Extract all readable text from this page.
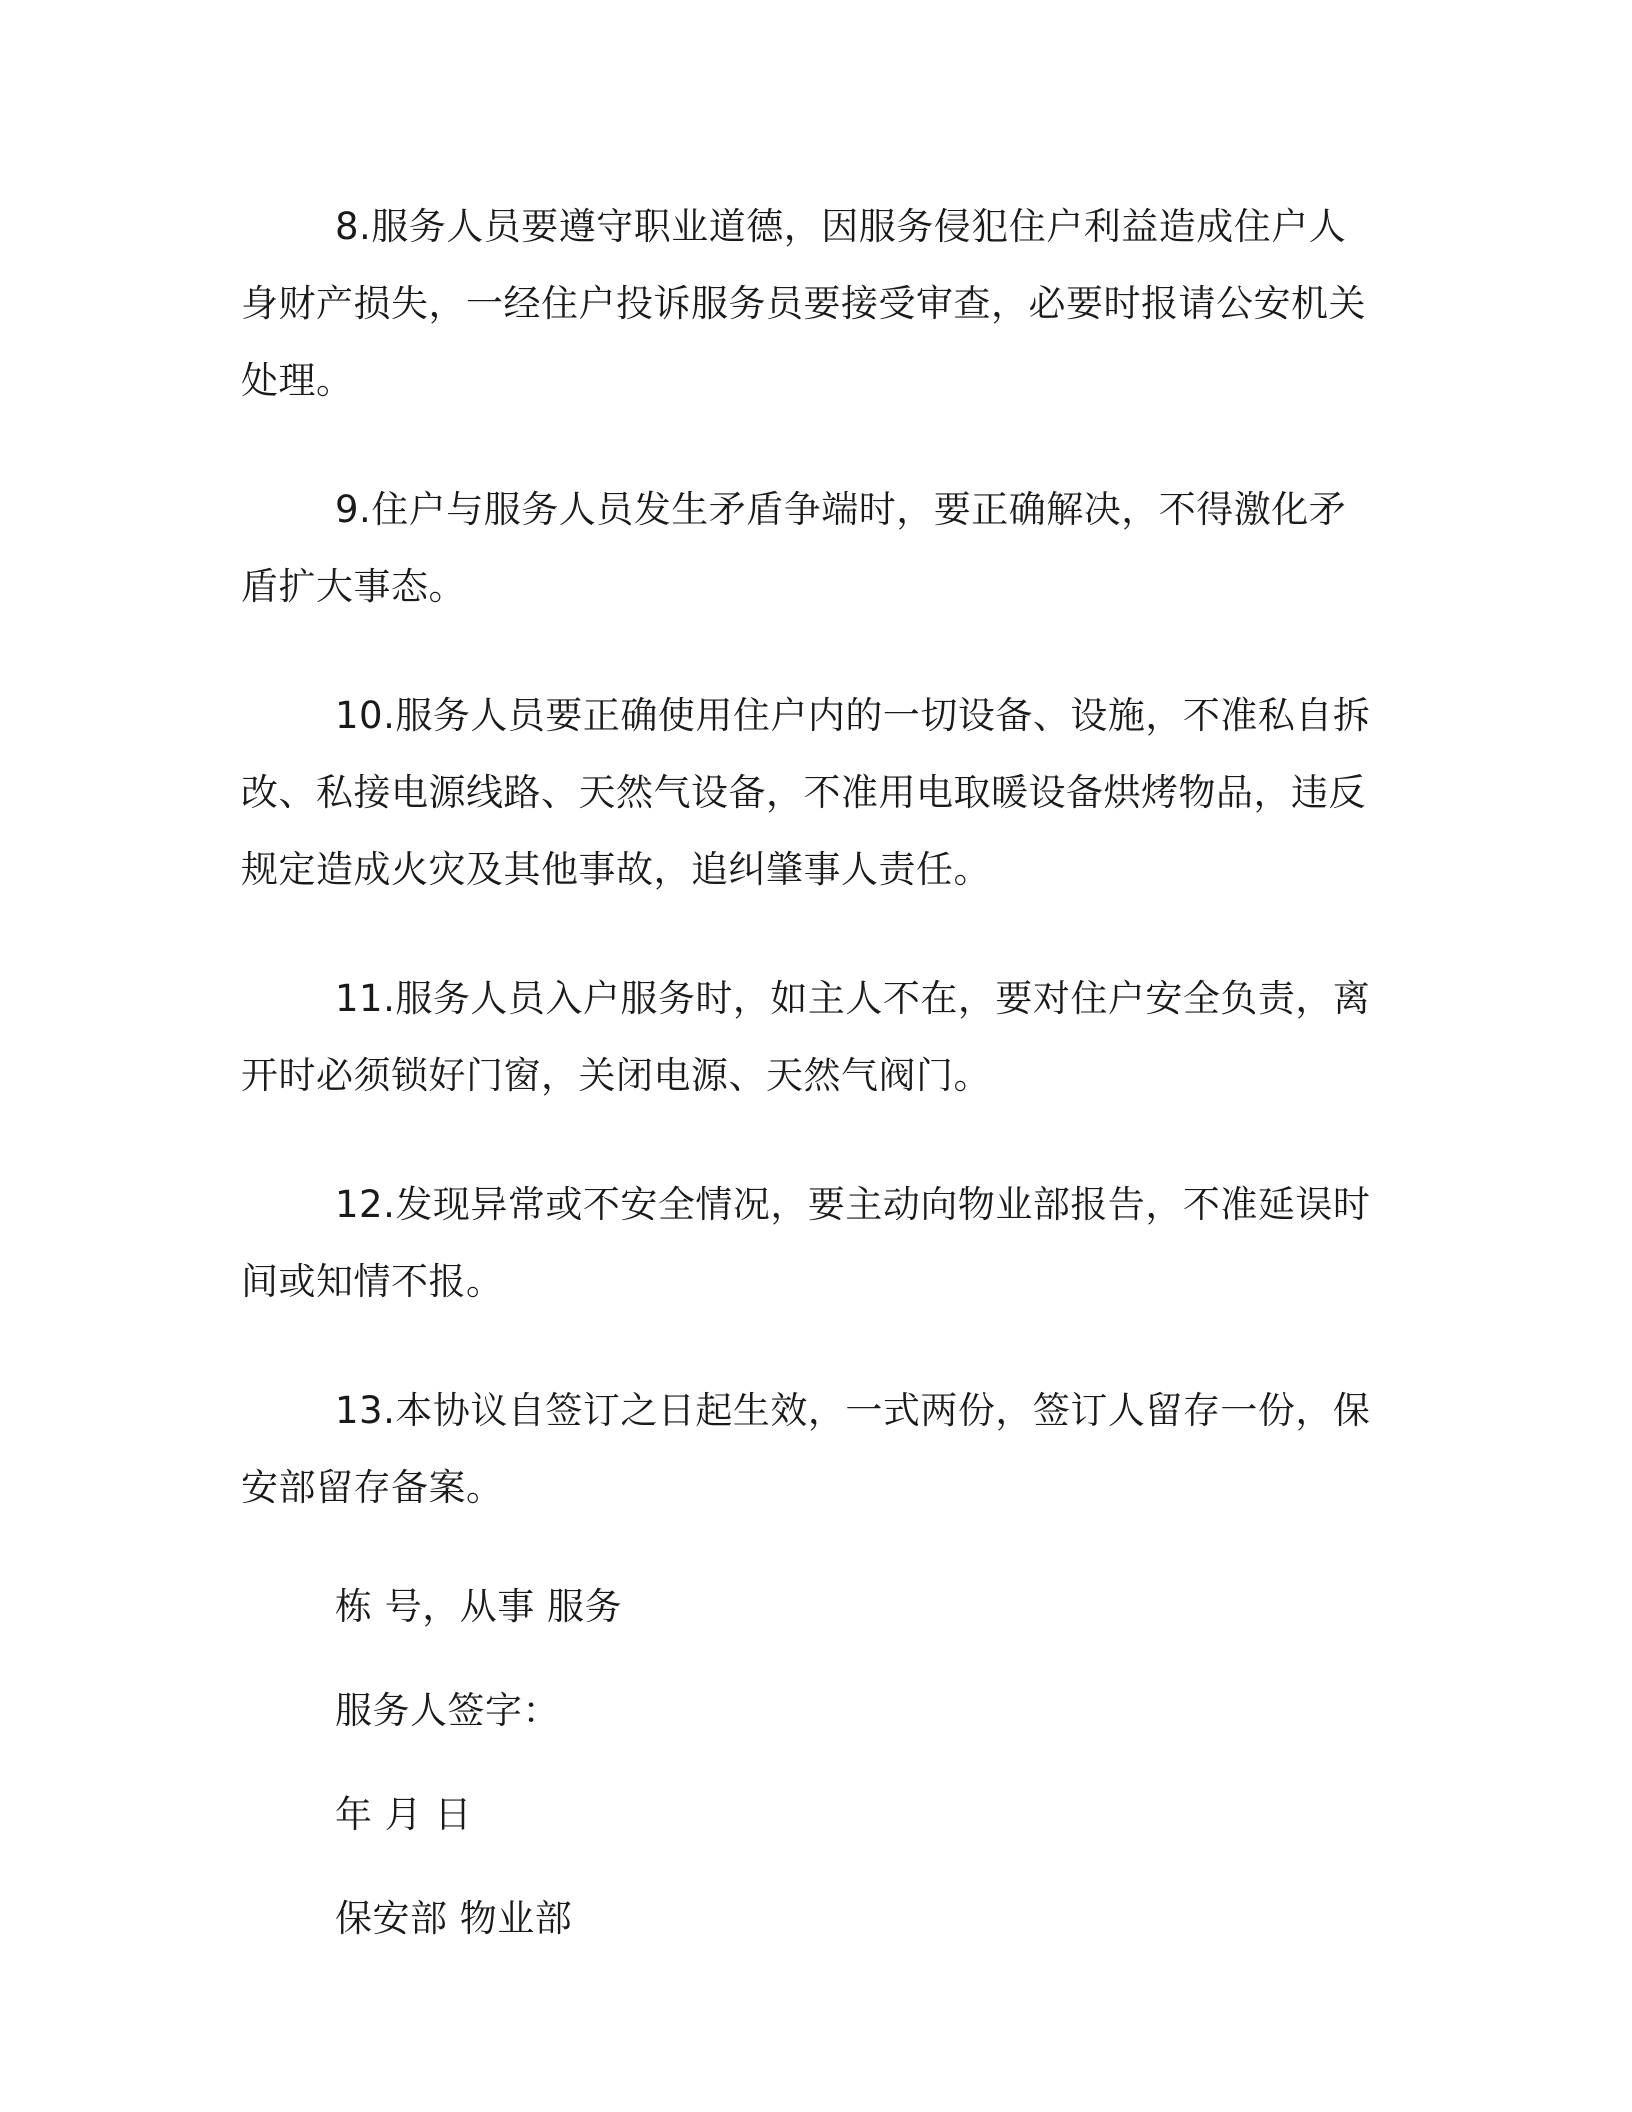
8.服务人员要遵守职业道德，因服务侵犯住户利益造成住户人身财产损失，一经住户投诉服务员要接受审查，必要时报请公安机关处理。

9.住户与服务人员发生矛盾争端时，要正确解决，不得激化矛盾扩大事态。

10.服务人员要正确使用住户内的一切设备、设施，不准私自拆改、私接电源线路、天然气设备，不准用电取暖设备烘烤物品，违反规定造成火灾及其他事故，追纠肇事人责任。

11.服务人员入户服务时，如主人不在，要对住户安全负责，离开时必须锁好门窗，关闭电源、天然气阀门。

12.发现异常或不安全情况，要主动向物业部报告，不准延误时间或知情不报。

13.本协议自签订之日起生效，一式两份，签订人留存一份，保安部留存备案。

栋 号，从事 服务
服务人签字：
年 月 日
保安部 物业部
